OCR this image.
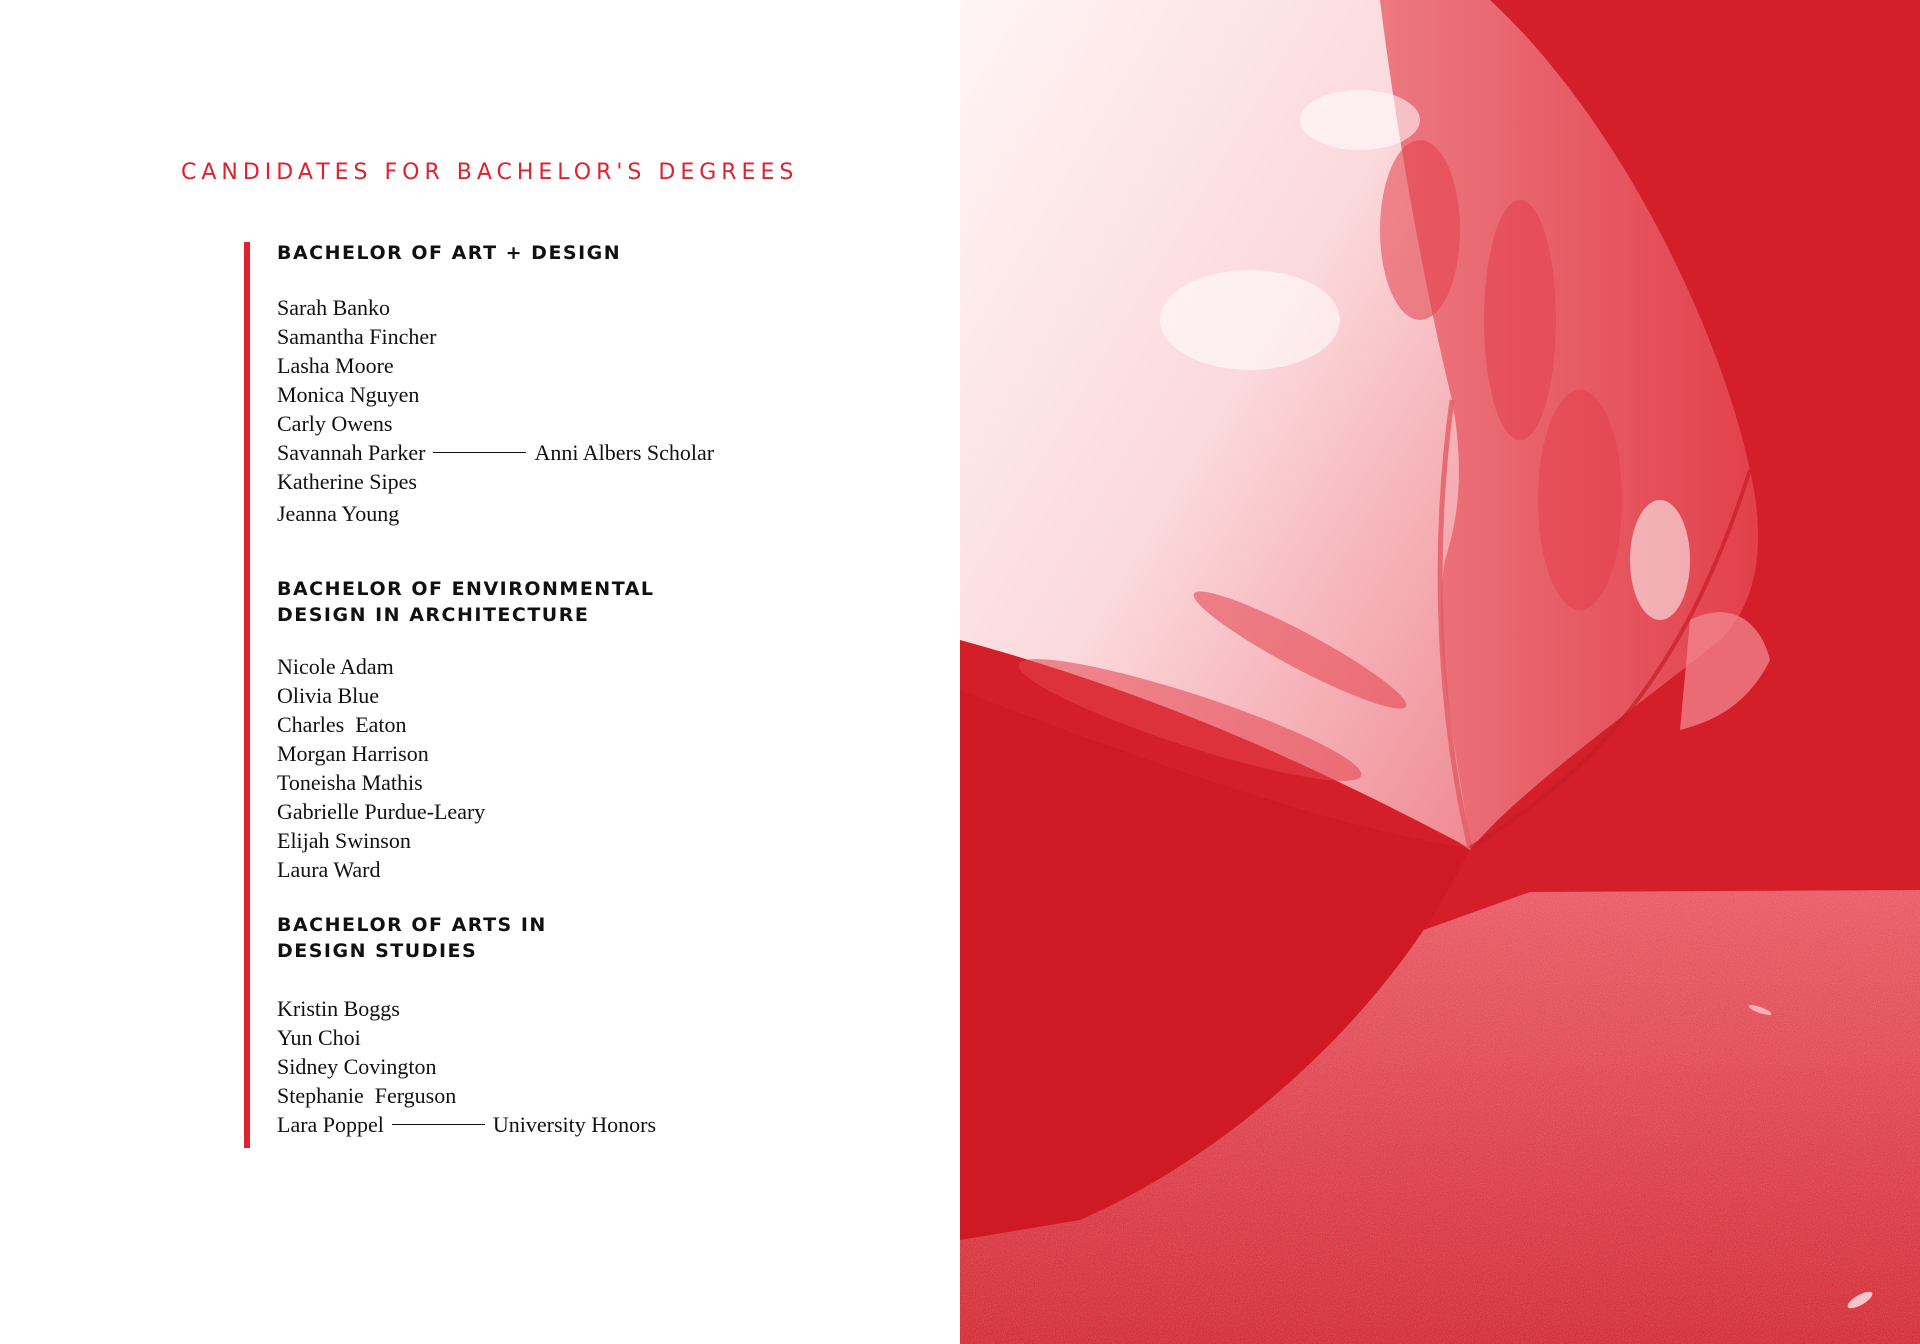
CANDIDATES FOR BACHELOR'S DEGREES
BACHELOR OF ART + DESIGN
Sarah Banko
Samantha Fincher
Lasha Moore
Monica Nguyen
Carly Owens
Savannah Parker	Anni Albers Scholar
Katherine Sipes
Jeanna Young
BACHELOR OF ENVIRONMENTAL
DESIGN IN ARCHITECTURE
Nicole Adam
Olivia Blue
Charles  Eaton
Morgan Harrison
Toneisha Mathis
Gabrielle Purdue-Leary
Elijah Swinson
Laura Ward
BACHELOR OF ARTS IN
DESIGN STUDIES
Kristin Boggs
Yun Choi
Sidney Covington
Stephanie  Ferguson
Lara Poppel	University Honors
